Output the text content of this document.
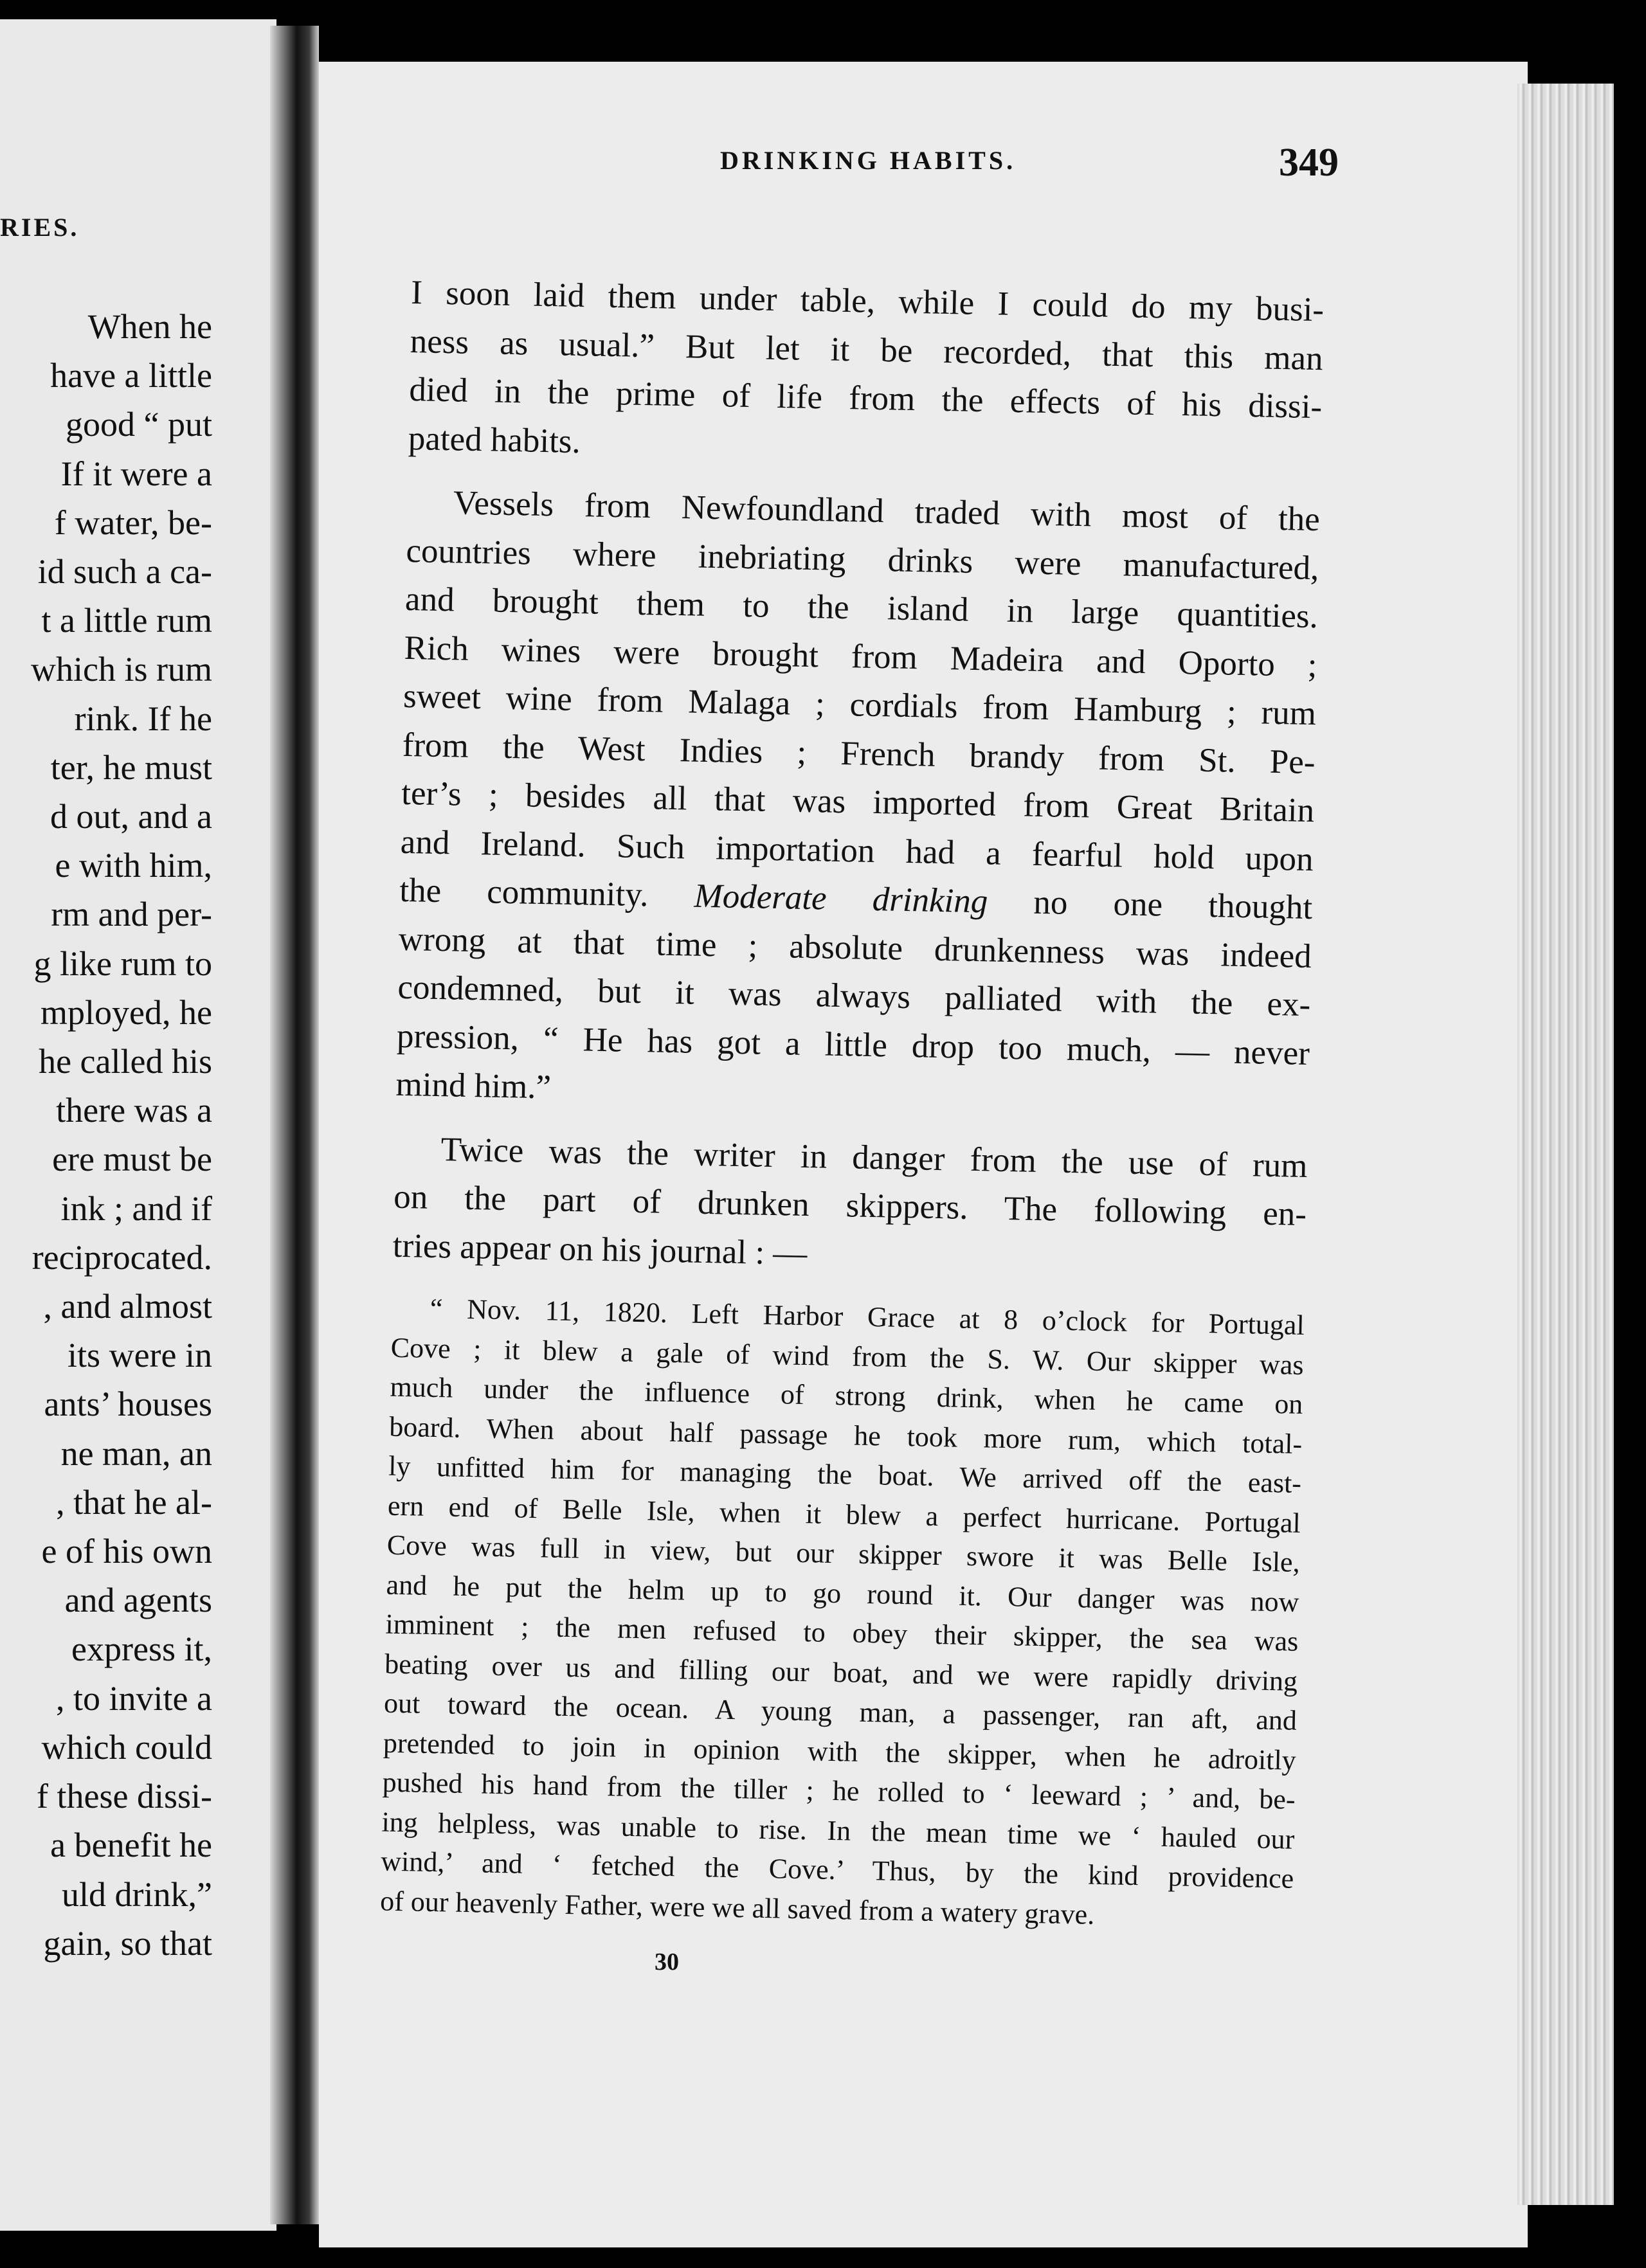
RIES.
When he
have a little
good “ put
If it were a
f water, be-
id such a ca-
t a little rum
which is rum
rink. If he
ter, he must
d out, and a
e with him,
rm and per-
g like rum to
mployed, he
he called his
there was a
ere must be
ink ; and if
reciprocated.
, and almost
its were in
ants’ houses
ne man, an
, that he al-
e of his own
and agents
express it,
, to invite a
which could
f these dissi-
a benefit he
uld drink,”
gain, so that
DRINKING HABITS.	349
I soon laid them under table, while I could do my busi-
ness as usual.” But let it be recorded, that this man
died in the prime of life from the effects of his dissi-
pated habits.
Vessels from Newfoundland traded with most of the
countries where inebriating drinks were manufactured,
and brought them to the island in large quantities.
Rich wines were brought from Madeira and Oporto ;
sweet wine from Malaga ; cordials from Hamburg ; rum
from the West Indies ; French brandy from St. Pe-
ter’s ; besides all that was imported from Great Britain
and Ireland. Such importation had a fearful hold upon
the community. Moderate drinking no one thought
wrong at that time ; absolute drunkenness was indeed
condemned, but it was always palliated with the ex-
pression, “ He has got a little drop too much, — never
mind him.”
Twice was the writer in danger from the use of rum
on the part of drunken skippers. The following en-
tries appear on his journal : —
“ Nov. 11, 1820. Left Harbor Grace at 8 o’clock for Portugal
Cove ; it blew a gale of wind from the S. W. Our skipper was
much under the influence of strong drink, when he came on
board. When about half passage he took more rum, which total-
ly unfitted him for managing the boat. We arrived off the east-
ern end of Belle Isle, when it blew a perfect hurricane. Portugal
Cove was full in view, but our skipper swore it was Belle Isle,
and he put the helm up to go round it. Our danger was now
imminent ; the men refused to obey their skipper, the sea was
beating over us and filling our boat, and we were rapidly driving
out toward the ocean. A young man, a passenger, ran aft, and
pretended to join in opinion with the skipper, when he adroitly
pushed his hand from the tiller ; he rolled to ‘ leeward ; ’ and, be-
ing helpless, was unable to rise. In the mean time we ‘ hauled our
wind,’ and ‘ fetched the Cove.’ Thus, by the kind providence
of our heavenly Father, were we all saved from a watery grave.
30
